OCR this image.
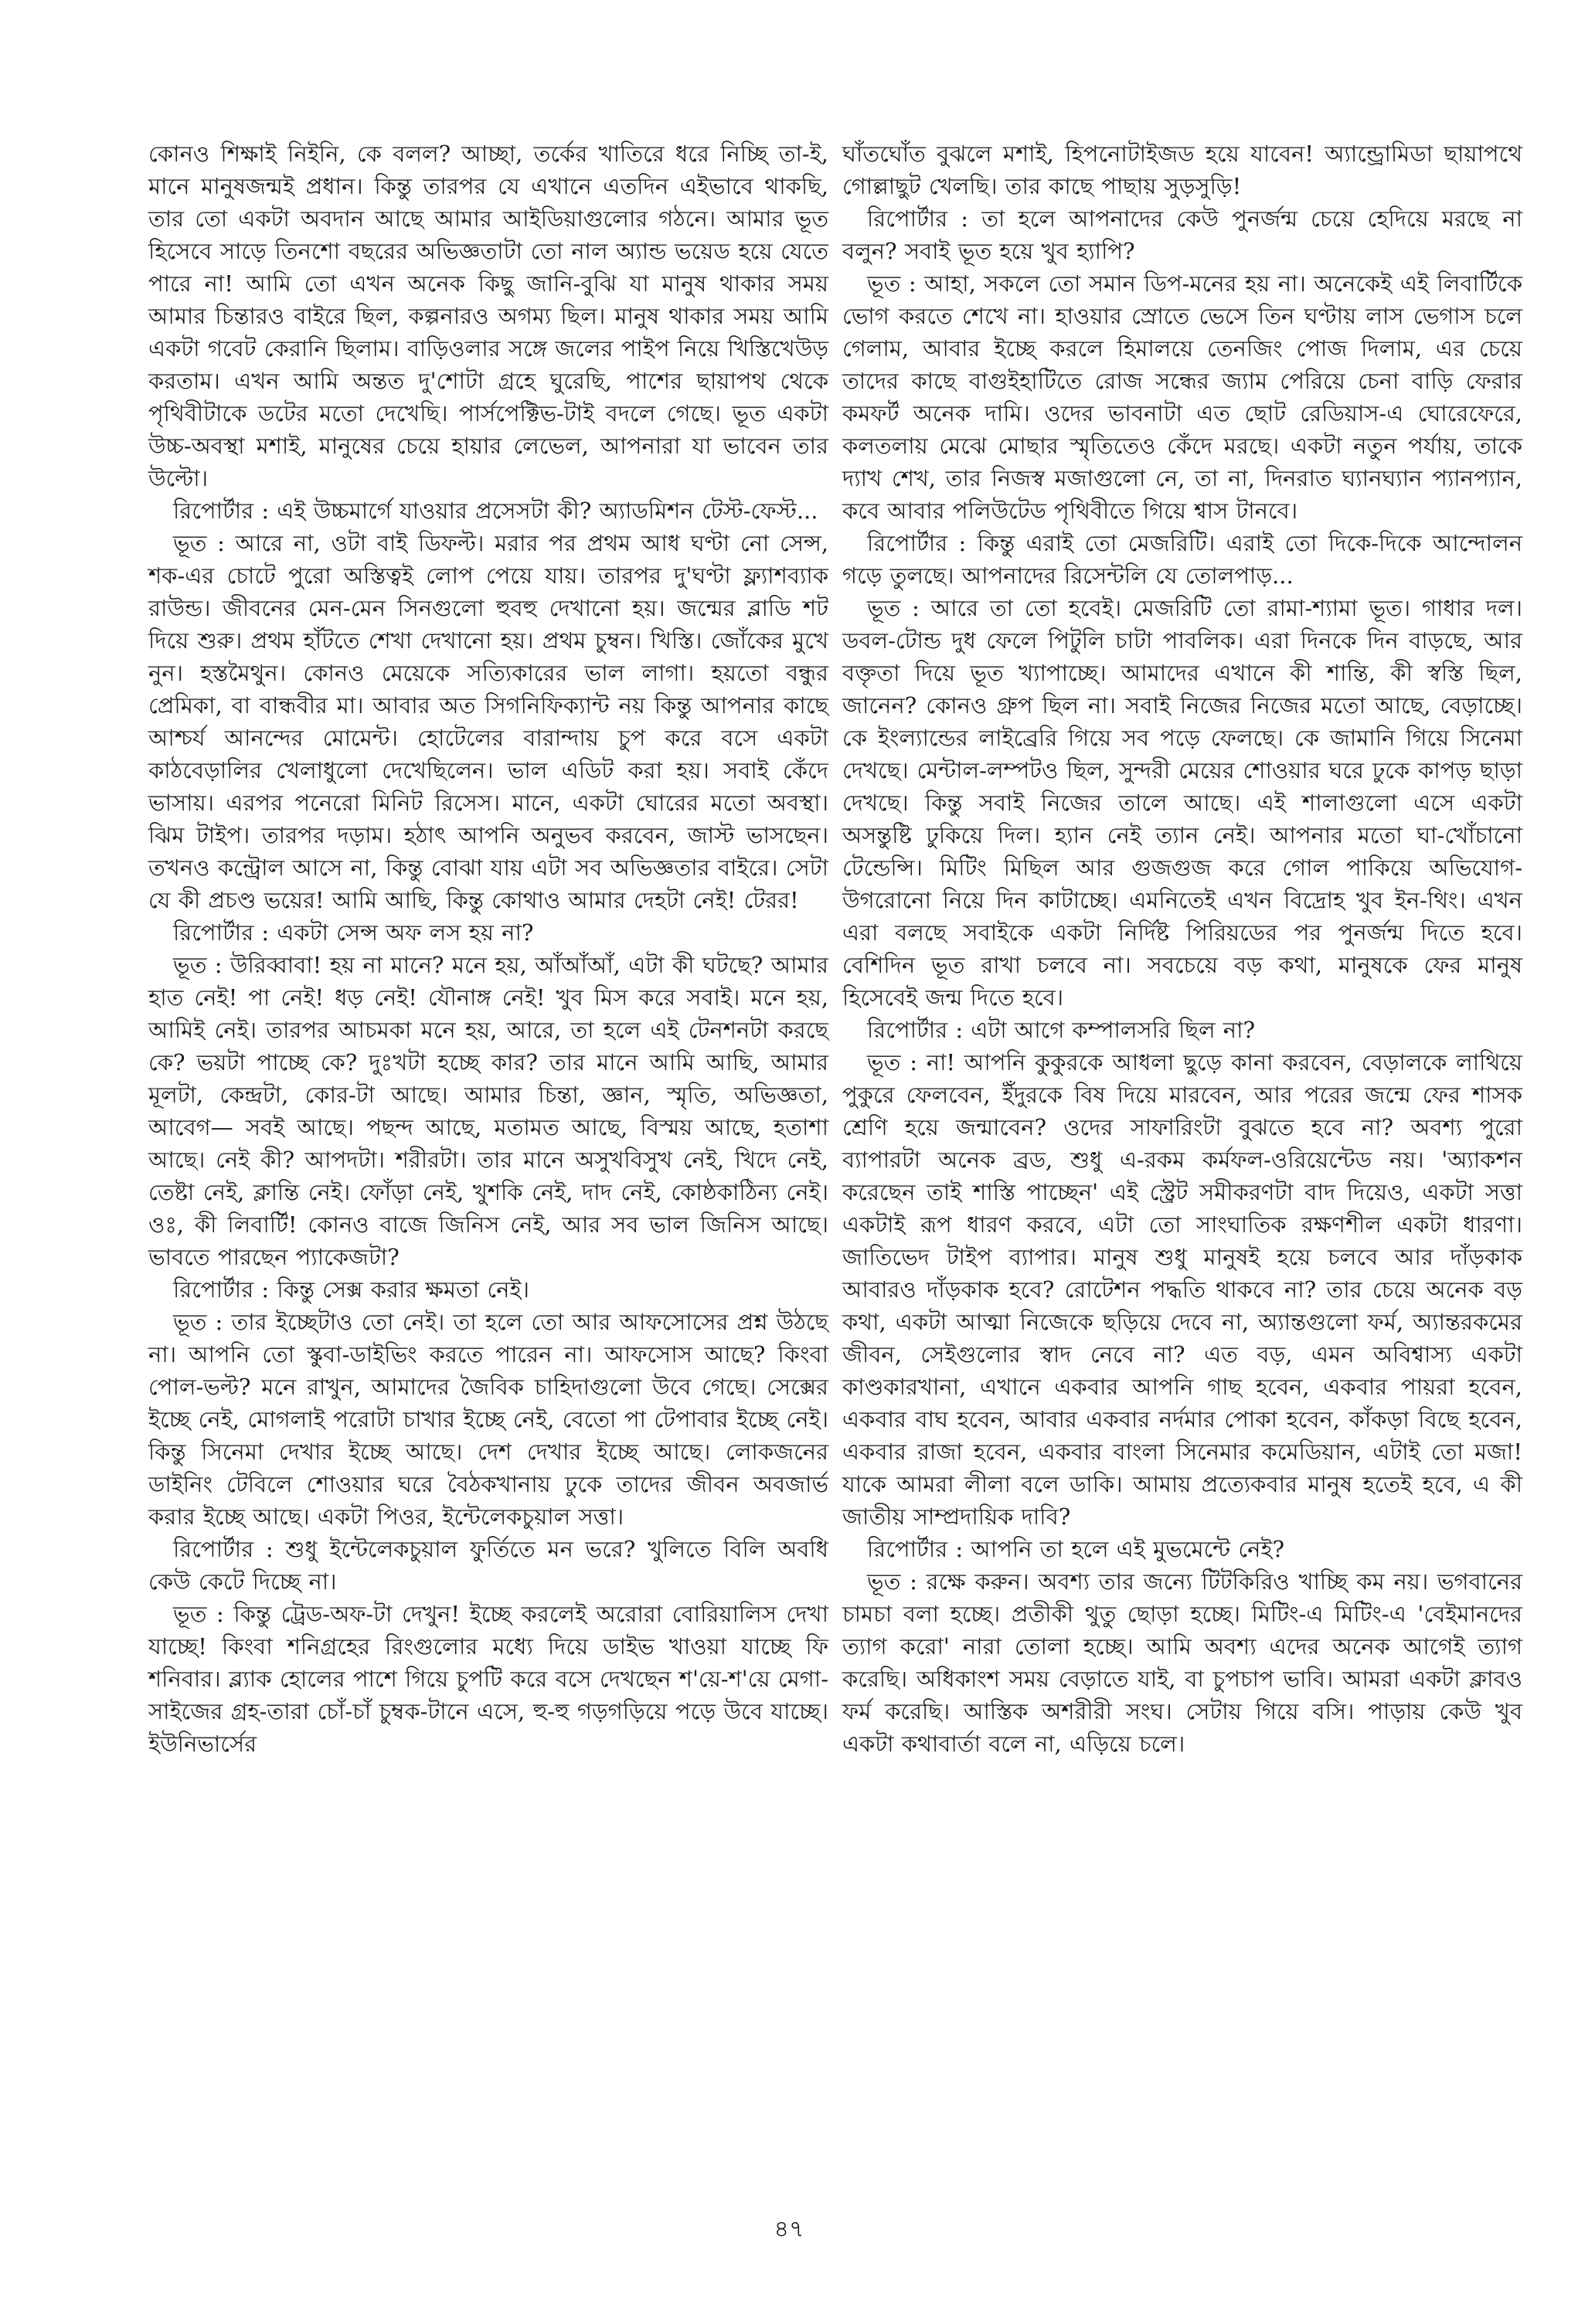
কোনও শিক্ষাই নিইনি, কে বলল? আচ্ছা, তর্কের খাতিরে ধরে নিচ্ছি তা-ই, মানে মানুষজন্মই প্রধান। কিন্তু তারপর যে এখানে এতদিন এইভাবে থাকছি, তার তো একটা অবদান আছে আমার আইডিয়াগুলোর গঠনে। আমার ভূত হিসেবে সাড়ে তিনশো বছরের অভিজ্ঞতাটা তো নাল অ্যান্ড ভয়েড হয়ে যেতে পারে না! আমি তো এখন অনেক কিছু জানি-বুঝি যা মানুষ থাকার সময় আমার চিন্তারও বাইরে ছিল, কল্পনারও অগম্য ছিল। মানুষ থাকার সময় আমি একটা গবেট কেরানি ছিলাম। বাড়িওলার সঙ্গে জলের পাইপ নিয়ে খিস্তিখেউড় করতাম। এখন আমি অন্তত দু'শোটা গ্রহে ঘুরেছি, পাশের ছায়াপথ থেকে পৃথিবীটাকে ডটের মতো দেখেছি। পার্সপেক্টিভ-টাই বদলে গেছে। ভূত একটা উচ্চ-অবস্থা মশাই, মানুষের চেয়ে হায়ার লেভেল, আপনারা যা ভাবেন তার উল্টো।

রিপোর্টার : এই উচ্চমার্গে যাওয়ার প্রসেসটা কী? অ্যাডমিশন টেস্ট-ফেস্ট...

ভূত : আরে না, ওটা বাই ডিফল্ট। মরার পর প্রথম আধ ঘণ্টা নো সেন্স, শক-এর চোটে পুরো অস্তিত্বই লোপ পেয়ে যায়। তারপর দু'ঘণ্টা ফ্ল্যাশব্যাক রাউন্ড। জীবনের মেন-মেন সিনগুলো হুবহু দেখানো হয়। জন্মের ব্লাডি শট দিয়ে শুরু। প্রথম হাঁটতে শেখা দেখানো হয়। প্রথম চুম্বন। খিস্তি। জোঁকের মুখে নুন। হস্তমৈথুন। কোনও মেয়েকে সত্যিকারের ভাল লাগা। হয়তো বন্ধুর প্রেমিকা, বা বান্ধবীর মা। আবার অত সিগনিফিক্যান্ট নয় কিন্তু আপনার কাছে আশ্চর্য আনন্দের মোমেন্ট। হোটেলের বারান্দায় চুপ করে বসে একটা কাঠবেড়ালির খেলাধুলো দেখেছিলেন। ভাল এডিট করা হয়। সবাই কেঁদে ভাসায়। এরপর পনেরো মিনিট রিসেস। মানে, একটা ঘোরের মতো অবস্থা। ঝিম টাইপ। তারপর দড়াম। হঠাৎ আপনি অনুভব করবেন, জাস্ট ভাসছেন। তখনও কন্ট্রোল আসে না, কিন্তু বোঝা যায় এটা সব অভিজ্ঞতার বাইরে। সেটা যে কী প্রচণ্ড ভয়ের! আমি আছি, কিন্তু কোথাও আমার দেহটা নেই! টেরর!

রিপোর্টার : একটা সেন্স অফ লস হয় না?

ভূত : উরিব্বাবা! হয় না মানে? মনে হয়, আঁআঁআঁ, এটা কী ঘটছে? আমার হাত নেই! পা নেই! ধড় নেই! যৌনাঙ্গ নেই! খুব মিস করে সবাই। মনে হয়, আমিই নেই। তারপর আচমকা মনে হয়, আরে, তা হলে এই টেনশনটা করছে কে? ভয়টা পাচ্ছে কে? দুঃখটা হচ্ছে কার? তার মানে আমি আছি, আমার মূলটা, কেন্দ্রটা, কোর-টা আছে। আমার চিন্তা, জ্ঞান, স্মৃতি, অভিজ্ঞতা, আবেগ— সবই আছে। পছন্দ আছে, মতামত আছে, বিস্ময় আছে, হতাশা আছে। নেই কী? আপদটা। শরীরটা। তার মানে অসুখবিসুখ নেই, খিদে নেই, তেষ্টা নেই, ক্লান্তি নেই। ফোঁড়া নেই, খুশকি নেই, দাদ নেই, কোষ্ঠকাঠিন্য নেই। ওঃ, কী লিবার্টি! কোনও বাজে জিনিস নেই, আর সব ভাল জিনিস আছে। ভাবতে পারছেন প্যাকেজটা?

রিপোর্টার : কিন্তু সেক্স করার ক্ষমতা নেই।

ভূত : তার ইচ্ছেটাও তো নেই। তা হলে তো আর আফসোসের প্রশ্ন উঠছে না। আপনি তো স্কুবা-ডাইভিং করতে পারেন না। আফসোস আছে? কিংবা পোল-ভল্ট? মনে রাখুন, আমাদের জৈবিক চাহিদাগুলো উবে গেছে। সেক্সের ইচ্ছে নেই, মোগলাই পরোটা চাখার ইচ্ছে নেই, বেতো পা টেপাবার ইচ্ছে নেই। কিন্তু সিনেমা দেখার ইচ্ছে আছে। দেশ দেখার ইচ্ছে আছে। লোকজনের ডাইনিং টেবিলে শোওয়ার ঘরে বৈঠকখানায় ঢুকে তাদের জীবন অবজার্ভ করার ইচ্ছে আছে। একটা পিওর, ইন্টেলেকচুয়াল সত্তা।

রিপোর্টার : শুধু ইন্টেলেকচুয়াল ফুর্তিতে মন ভরে? খুলিতে বিলি অবধি কেউ কেটে দিচ্ছে না।

ভূত : কিন্তু ট্রেড-অফ-টা দেখুন! ইচ্ছে করলেই অরোরা বোরিয়ালিস দেখা যাচ্ছে! কিংবা শনিগ্রহের রিংগুলোর মধ্যে দিয়ে ডাইভ খাওয়া যাচ্ছে ফি শনিবার। ব্ল্যাক হোলের পাশে গিয়ে চুপটি করে বসে দেখছেন শ'য়ে-শ'য়ে মেগা-সাইজের গ্রহ-তারা চোঁ-চাঁ চুম্বক-টানে এসে, হু-হু গড়গড়িয়ে পড়ে উবে যাচ্ছে। ইউনিভার্সের

ঘাঁতঘোঁত বুঝলে মশাই, হিপনোটাইজড হয়ে যাবেন! অ্যান্ড্রোমিডা ছায়াপথে গোল্লাছুট খেলছি। তার কাছে পাছায় সুড়সুড়ি!

রিপোর্টার : তা হলে আপনাদের কেউ পুনর্জন্ম চেয়ে হেদিয়ে মরছে না বলুন? সবাই ভূত হয়ে খুব হ্যাপি?

ভূত : আহা, সকলে তো সমান ডিপ-মনের হয় না। অনেকেই এই লিবার্টিকে ভোগ করতে শেখে না। হাওয়ার স্রোতে ভেসে তিন ঘণ্টায় লাস ভেগাস চলে গেলাম, আবার ইচ্ছে করলে হিমালয়ে তেনজিং পোজ দিলাম, এর চেয়ে তাদের কাছে বাগুইহাটিতে রোজ সন্ধের জ্যাম পেরিয়ে চেনা বাড়ি ফেরার কমফর্ট অনেক দামি। ওদের ভাবনাটা এত ছোট রেডিয়াস-এ ঘোরেফেরে, কলতলায় মেঝে মোছার স্মৃতিতেও কেঁদে মরছে। একটা নতুন পর্যায়, তাকে দ্যাখ শেখ, তার নিজস্ব মজাগুলো নে, তা না, দিনরাত ঘ্যানঘ্যান প্যানপ্যান, কবে আবার পলিউটেড পৃথিবীতে গিয়ে শ্বাস টানবে।

রিপোর্টার : কিন্তু এরাই তো মেজরিটি। এরাই তো দিকে-দিকে আন্দোলন গড়ে তুলছে। আপনাদের রিসেন্টলি যে তোলপাড়...

ভূত : আরে তা তো হবেই। মেজরিটি তো রামা-শ্যামা ভূত। গাধার দল। ডবল-টোন্ড দুধ ফেলে পিটুলি চাটা পাবলিক। এরা দিনকে দিন বাড়ছে, আর বক্তৃতা দিয়ে ভূত খ্যাপাচ্ছে। আমাদের এখানে কী শান্তি, কী স্বস্তি ছিল, জানেন? কোনও গ্রুপ ছিল না। সবাই নিজের নিজের মতো আছে, বেড়াচ্ছে। কে ইংল্যান্ডের লাইব্রেরি গিয়ে সব পড়ে ফেলছে। কে জামানি গিয়ে সিনেমা দেখছে। মেন্টাল-লম্পটও ছিল, সুন্দরী মেয়ের শোওয়ার ঘরে ঢুকে কাপড় ছাড়া দেখছে। কিন্তু সবাই নিজের তালে আছে। এই শালাগুলো এসে একটা অসন্তুষ্টি ঢুকিয়ে দিল। হ্যান নেই ত্যান নেই। আপনার মতো ঘা-খোঁচানো টেন্ডেন্সি। মিটিং মিছিল আর গুজগুজ করে গোল পাকিয়ে অভিযোগ-উগরোনো নিয়ে দিন কাটাচ্ছে। এমনিতেই এখন বিদ্রোহ খুব ইন-থিং। এখন এরা বলছে সবাইকে একটা নির্দিষ্ট পিরিয়ডের পর পুনর্জন্ম দিতে হবে। বেশিদিন ভূত রাখা চলবে না। সবচেয়ে বড় কথা, মানুষকে ফের মানুষ হিসেবেই জন্ম দিতে হবে।

রিপোর্টার : এটা আগে কম্পালসরি ছিল না?

ভূত : না! আপনি কুকুরকে আধলা ছুড়ে কানা করবেন, বেড়ালকে লাথিয়ে পুকুরে ফেলবেন, ইঁদুরকে বিষ দিয়ে মারবেন, আর পরের জন্মে ফের শাসক শ্রেণি হয়ে জন্মাবেন? ওদের সাফারিংটা বুঝতে হবে না? অবশ্য পুরো ব্যাপারটা অনেক ব্রড, শুধু এ-রকম কর্মফল-ওরিয়েন্টেড নয়। 'অ্যাকশন করেছেন তাই শাস্তি পাচ্ছেন' এই স্ট্রেট সমীকরণটা বাদ দিয়েও, একটা সত্তা একটাই রূপ ধারণ করবে, এটা তো সাংঘাতিক রক্ষণশীল একটা ধারণা। জাতিভেদ টাইপ ব্যাপার। মানুষ শুধু মানুষই হয়ে চলবে আর দাঁড়কাক আবারও দাঁড়কাক হবে? রোটেশন পদ্ধতি থাকবে না? তার চেয়ে অনেক বড় কথা, একটা আত্মা নিজেকে ছড়িয়ে দেবে না, অ্যান্তগুলো ফর্ম, অ্যান্তরকমের জীবন, সেইগুলোর স্বাদ নেবে না? এত বড়, এমন অবিশ্বাস্য একটা কাণ্ডকারখানা, এখানে একবার আপনি গাছ হবেন, একবার পায়রা হবেন, একবার বাঘ হবেন, আবার একবার নর্দমার পোকা হবেন, কাঁকড়া বিছে হবেন, একবার রাজা হবেন, একবার বাংলা সিনেমার কমেডিয়ান, এটাই তো মজা! যাকে আমরা লীলা বলে ডাকি। আমায় প্রত্যেকবার মানুষ হতেই হবে, এ কী জাতীয় সাম্প্রদায়িক দাবি?

রিপোর্টার : আপনি তা হলে এই মুভমেন্টে নেই?

ভূত : রক্ষে করুন। অবশ্য তার জন্যে টিটকিরিও খাচ্ছি কম নয়। ভগবানের চামচা বলা হচ্ছে। প্রতীকী থুতু ছোড়া হচ্ছে। মিটিং-এ মিটিং-এ 'বেইমানদের ত্যাগ করো' নারা তোলা হচ্ছে। আমি অবশ্য এদের অনেক আগেই ত্যাগ করেছি। অধিকাংশ সময় বেড়াতে যাই, বা চুপচাপ ভাবি। আমরা একটা ক্লাবও ফর্ম করেছি। আস্তিক অশরীরী সংঘ। সেটায় গিয়ে বসি। পাড়ায় কেউ খুব একটা কথাবার্তা বলে না, এড়িয়ে চলে।

৪৭
